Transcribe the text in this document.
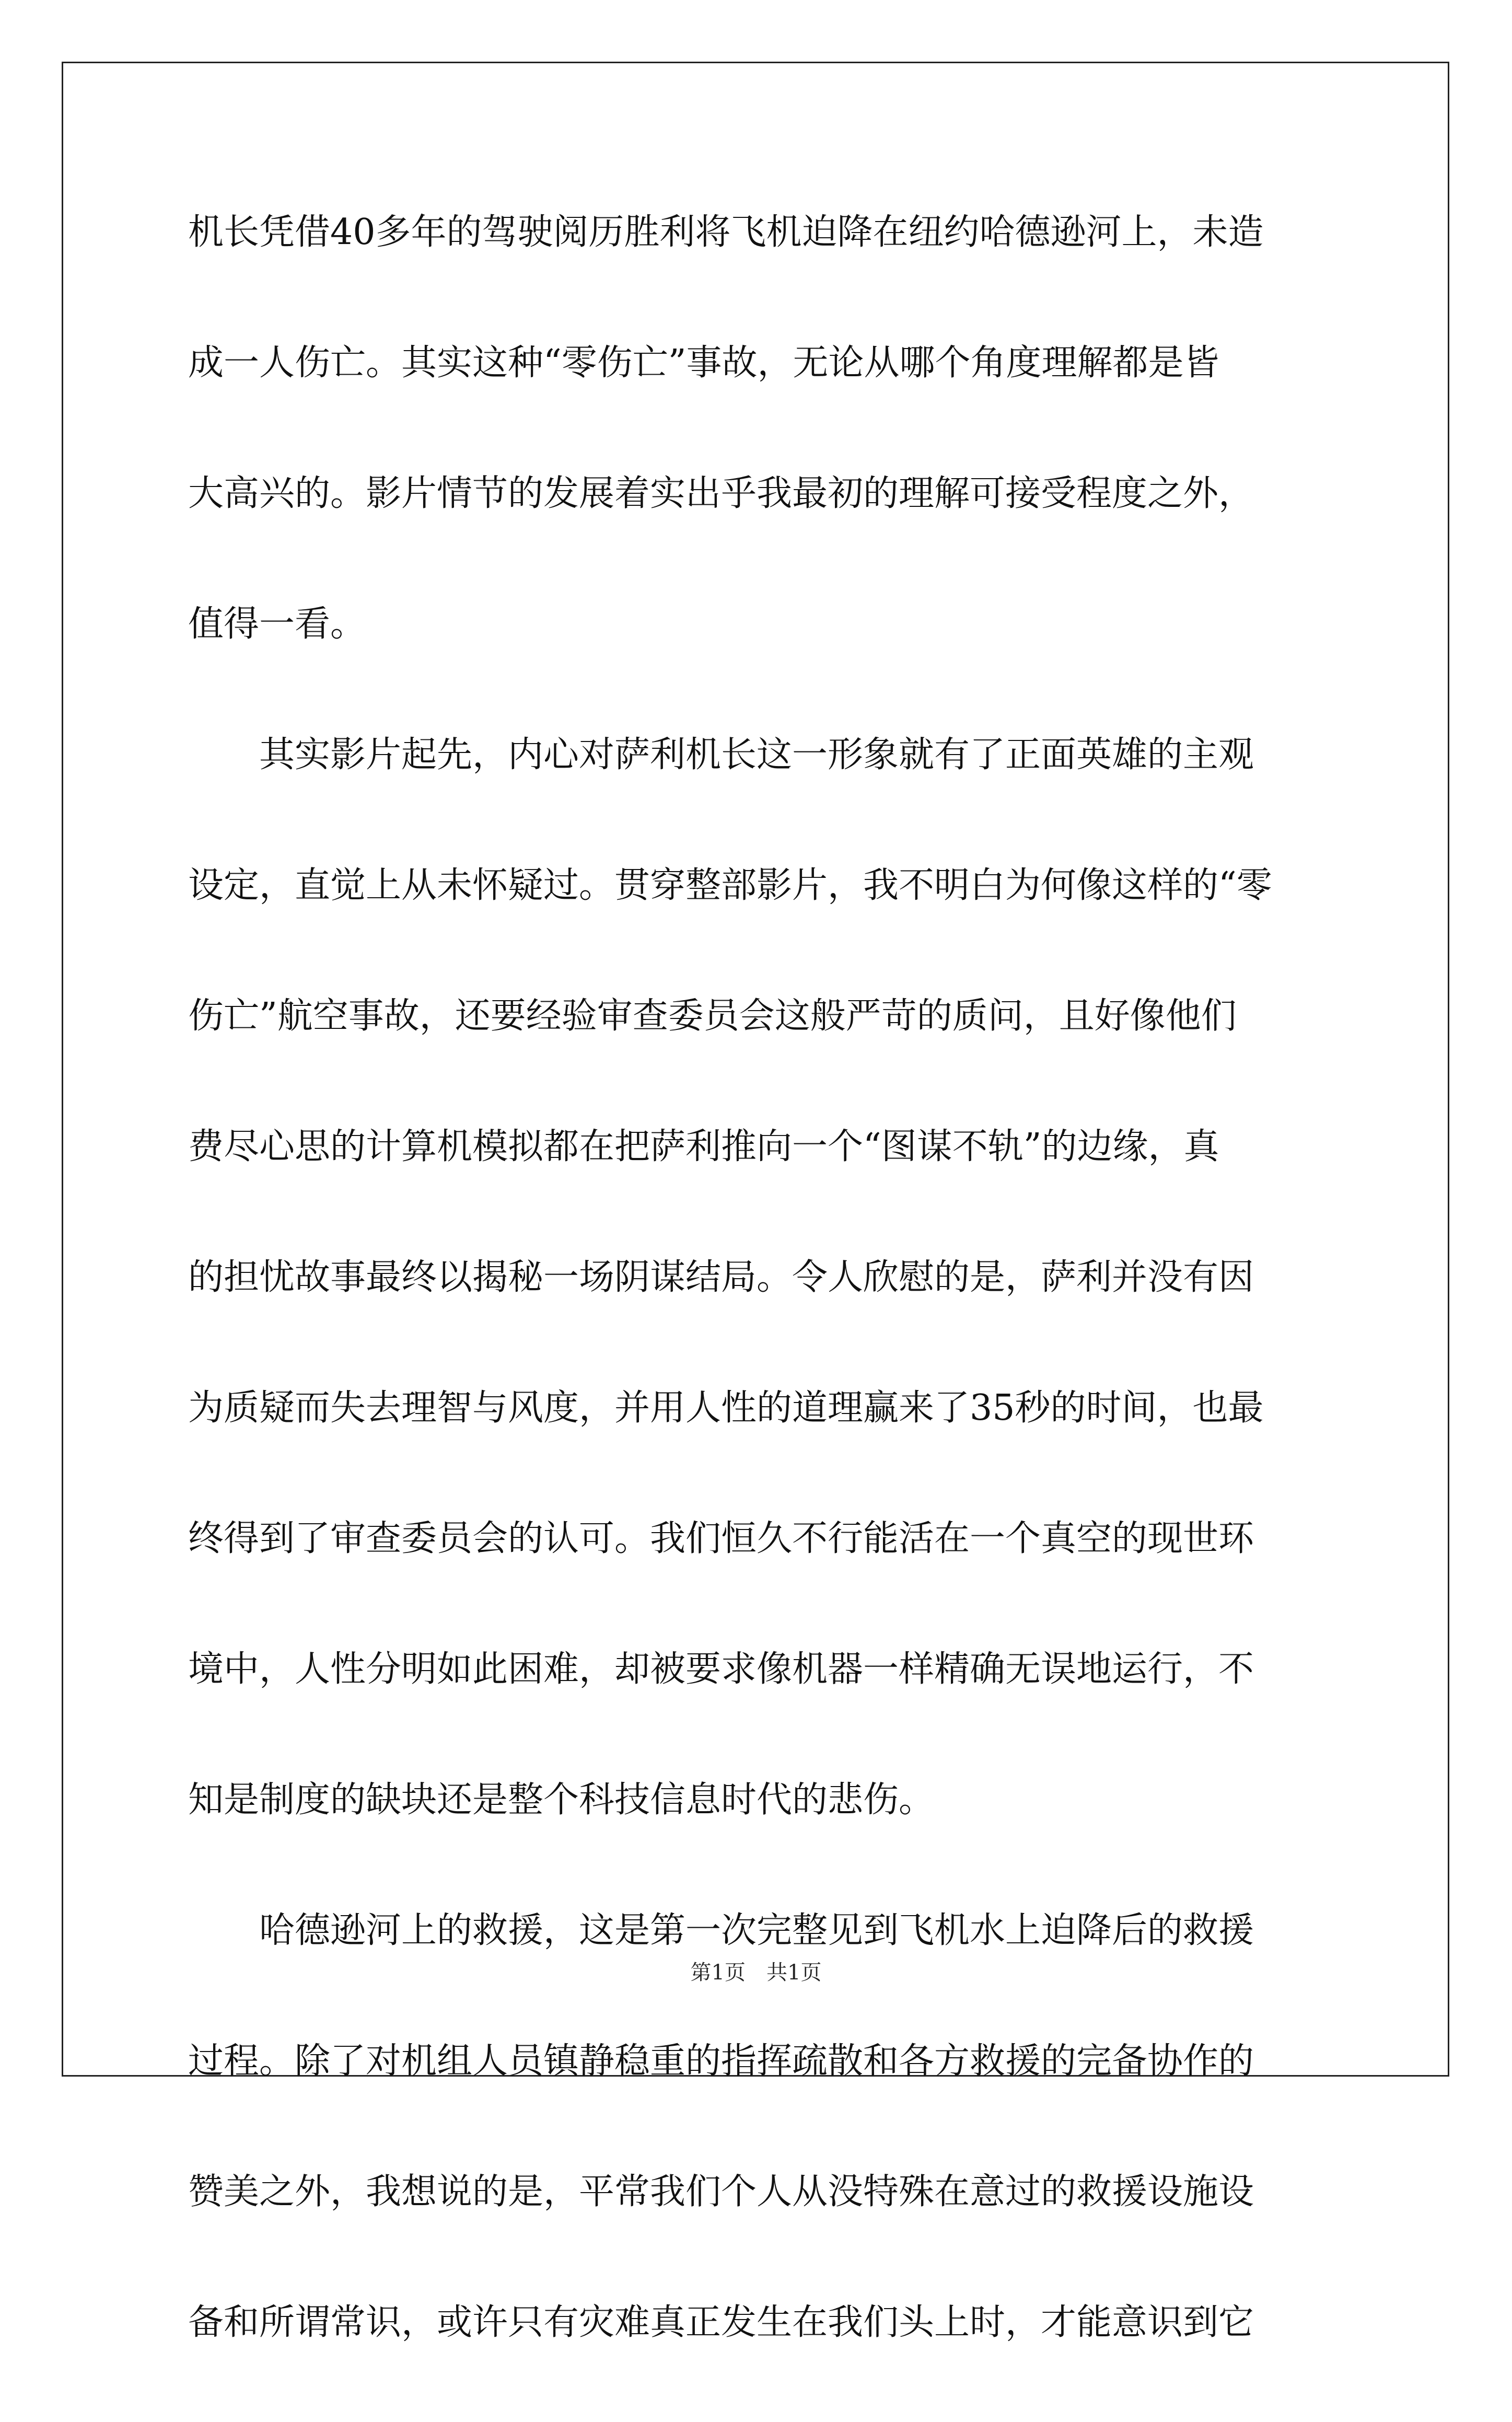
机长凭借40多年的驾驶阅历胜利将飞机迫降在纽约哈德逊河上，未造
成一人伤亡。其实这种“零伤亡”事故，无论从哪个角度理解都是皆
大高兴的。影片情节的发展着实出乎我最初的理解可接受程度之外，
值得一看。
　　其实影片起先，内心对萨利机长这一形象就有了正面英雄的主观
设定，直觉上从未怀疑过。贯穿整部影片，我不明白为何像这样的“零
伤亡”航空事故，还要经验审查委员会这般严苛的质问，且好像他们
费尽心思的计算机模拟都在把萨利推向一个“图谋不轨”的边缘，真
的担忧故事最终以揭秘一场阴谋结局。令人欣慰的是，萨利并没有因
为质疑而失去理智与风度，并用人性的道理赢来了35秒的时间，也最
终得到了审查委员会的认可。我们恒久不行能活在一个真空的现世环
境中，人性分明如此困难，却被要求像机器一样精确无误地运行，不
知是制度的缺块还是整个科技信息时代的悲伤。
　　哈德逊河上的救援，这是第一次完整见到飞机水上迫降后的救援
过程。除了对机组人员镇静稳重的指挥疏散和各方救援的完备协作的
赞美之外，我想说的是，平常我们个人从没特殊在意过的救援设施设
备和所谓常识，或许只有灾难真正发生在我们头上时，才能意识到它
第1页　共1页
